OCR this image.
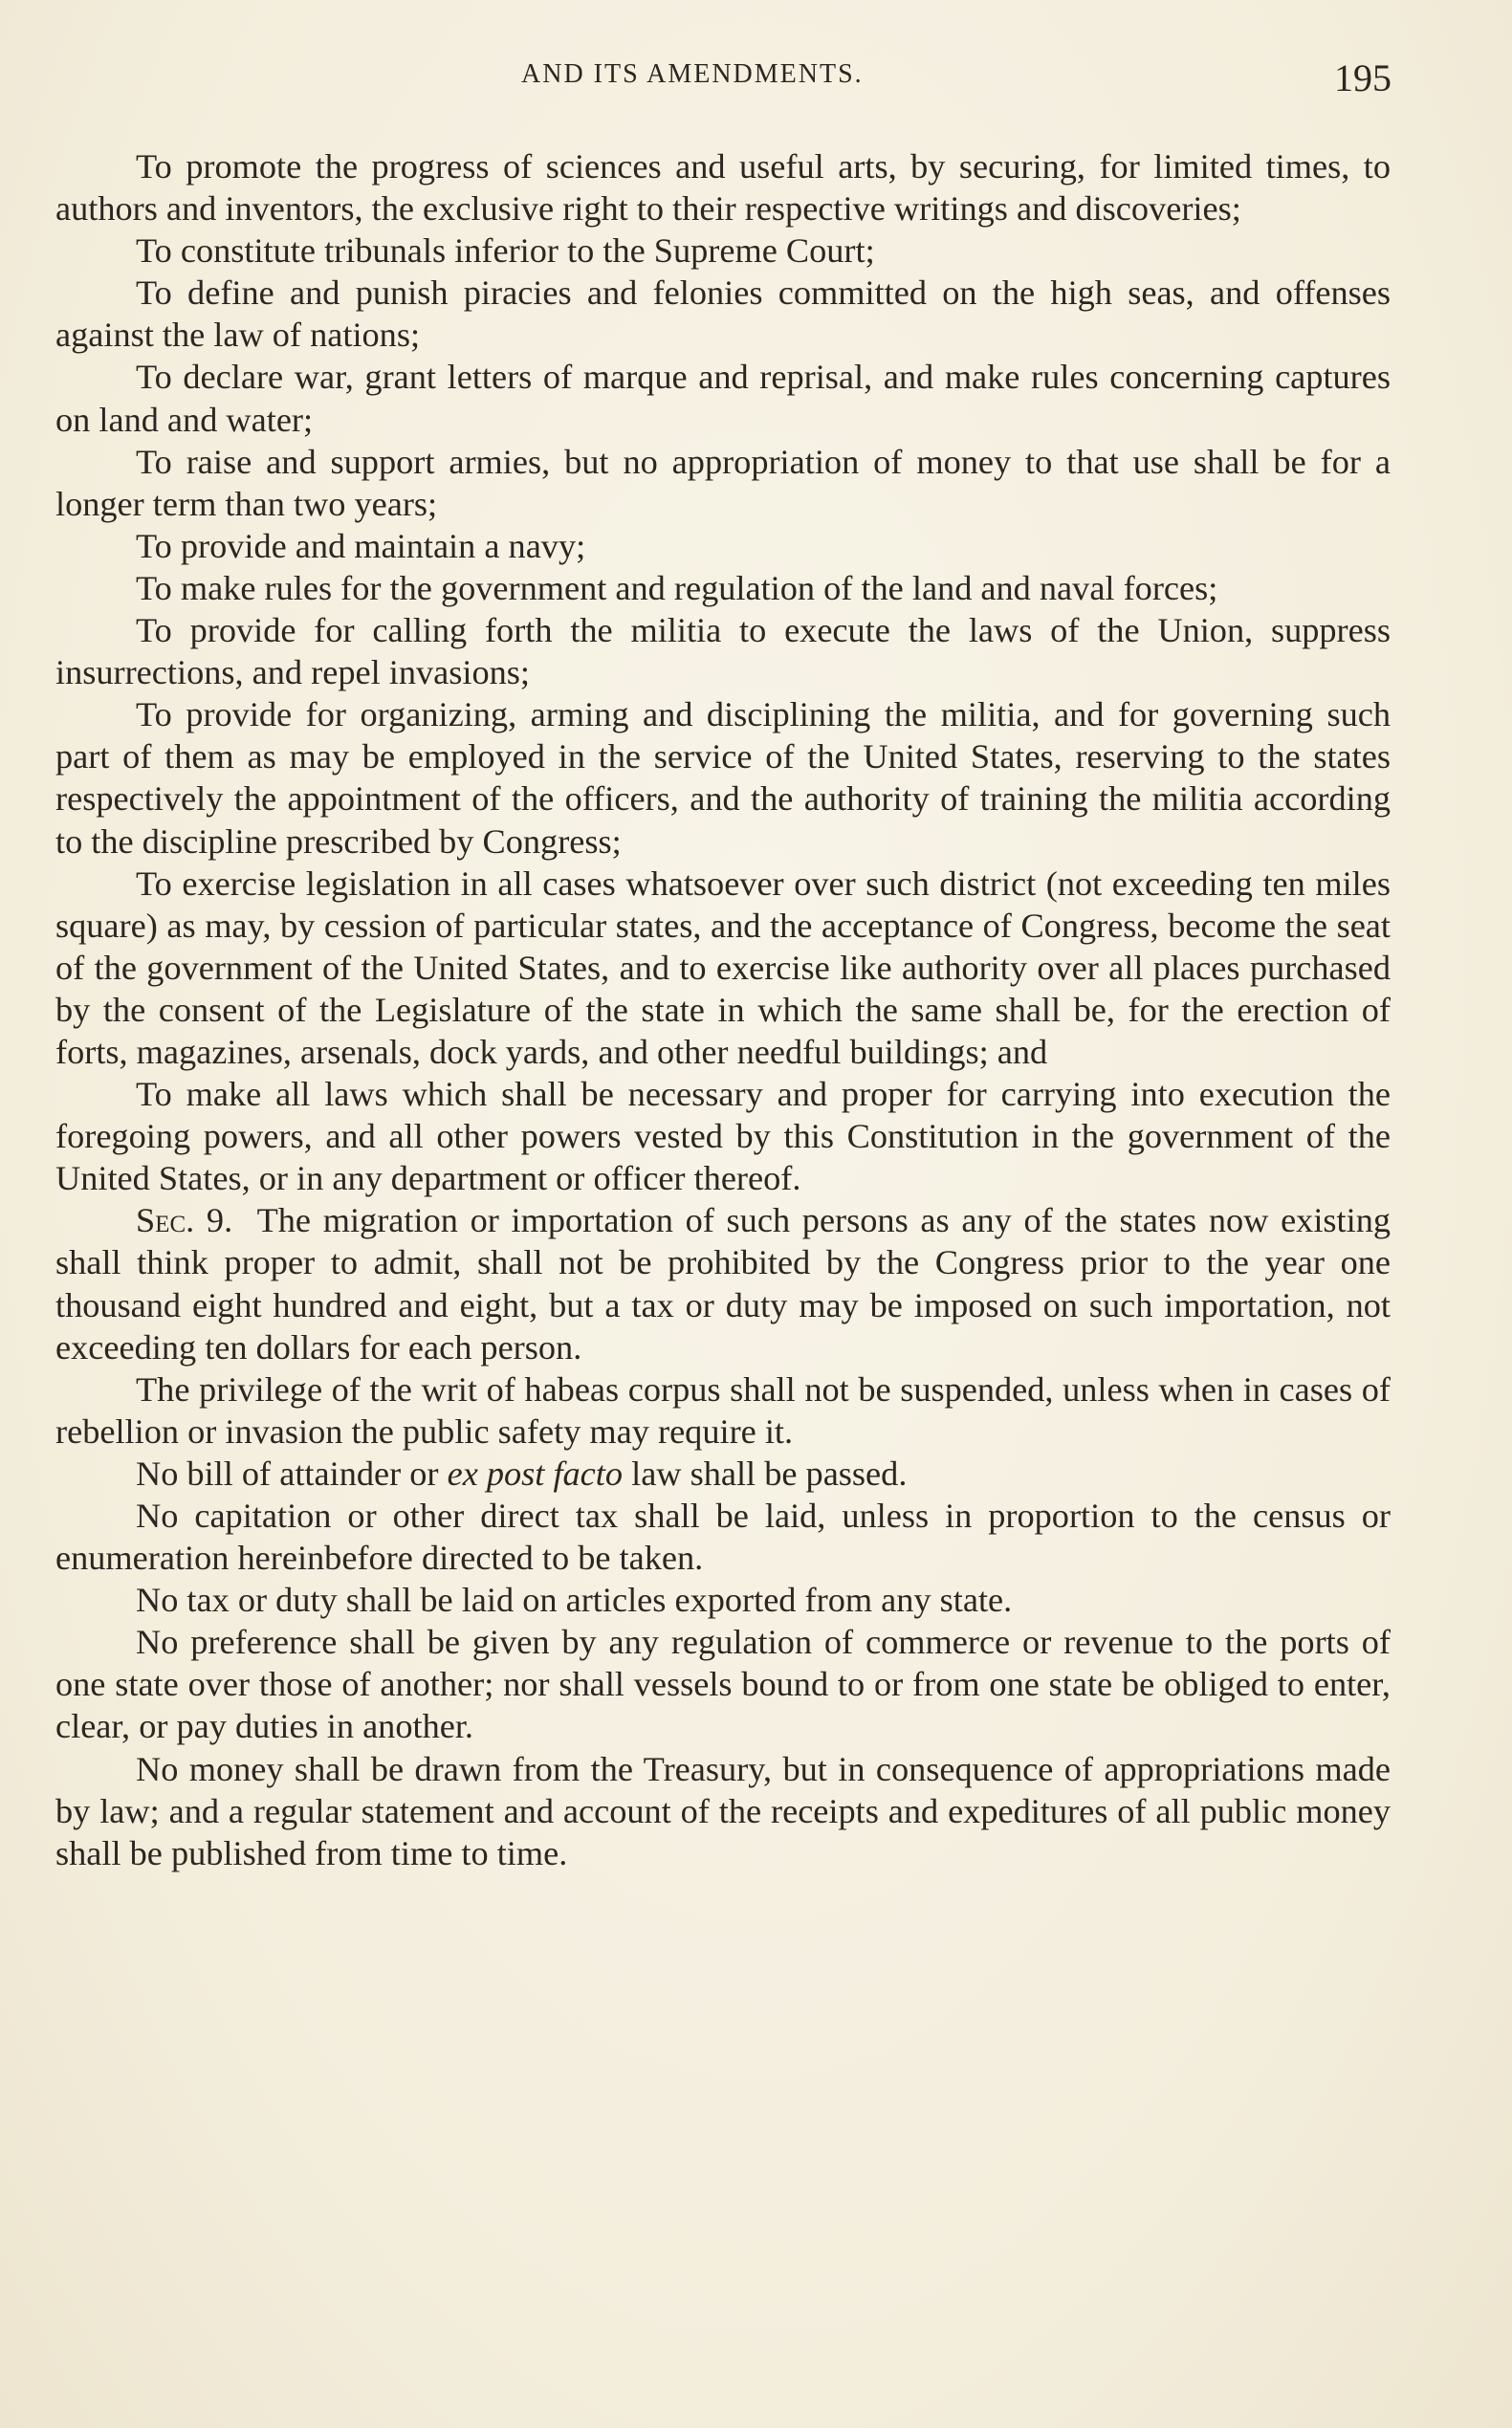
AND ITS AMENDMENTS.	195

To promote the progress of sciences and useful arts, by securing, for limited times, to authors and inventors, the exclusive right to their respective writings and discoveries;

To constitute tribunals inferior to the Supreme Court;

To define and punish piracies and felonies committed on the high seas, and offenses against the law of nations;

To declare war, grant letters of marque and reprisal, and make rules concerning captures on land and water;

To raise and support armies, but no appropriation of money to that use shall be for a longer term than two years;

To provide and maintain a navy;

To make rules for the government and regulation of the land and naval forces;

To provide for calling forth the militia to execute the laws of the Union, suppress insurrections, and repel invasions;

To provide for organizing, arming and disciplining the militia, and for governing such part of them as may be employed in the service of the United States, reserving to the states respectively the appointment of the officers, and the authority of training the militia according to the discipline prescribed by Congress;

To exercise legislation in all cases whatsoever over such district (not exceeding ten miles square) as may, by cession of particular states, and the acceptance of Congress, become the seat of the government of the United States, and to exercise like authority over all places purchased by the consent of the Legislature of the state in which the same shall be, for the erection of forts, magazines, arsenals, dock yards, and other needful buildings; and

To make all laws which shall be necessary and proper for carrying into execution the foregoing powers, and all other powers vested by this Constitution in the government of the United States, or in any department or officer thereof.

Sec. 9. The migration or importation of such persons as any of the states now existing shall think proper to admit, shall not be prohibited by the Congress prior to the year one thousand eight hundred and eight, but a tax or duty may be imposed on such importation, not exceeding ten dollars for each person.

The privilege of the writ of habeas corpus shall not be suspended, unless when in cases of rebellion or invasion the public safety may require it.

No bill of attainder or ex post facto law shall be passed.

No capitation or other direct tax shall be laid, unless in proportion to the census or enumeration hereinbefore directed to be taken.

No tax or duty shall be laid on articles exported from any state.

No preference shall be given by any regulation of commerce or revenue to the ports of one state over those of another; nor shall vessels bound to or from one state be obliged to enter, clear, or pay duties in another.

No money shall be drawn from the Treasury, but in consequence of appropriations made by law; and a regular statement and account of the receipts and expeditures of all public money shall be published from time to time.
